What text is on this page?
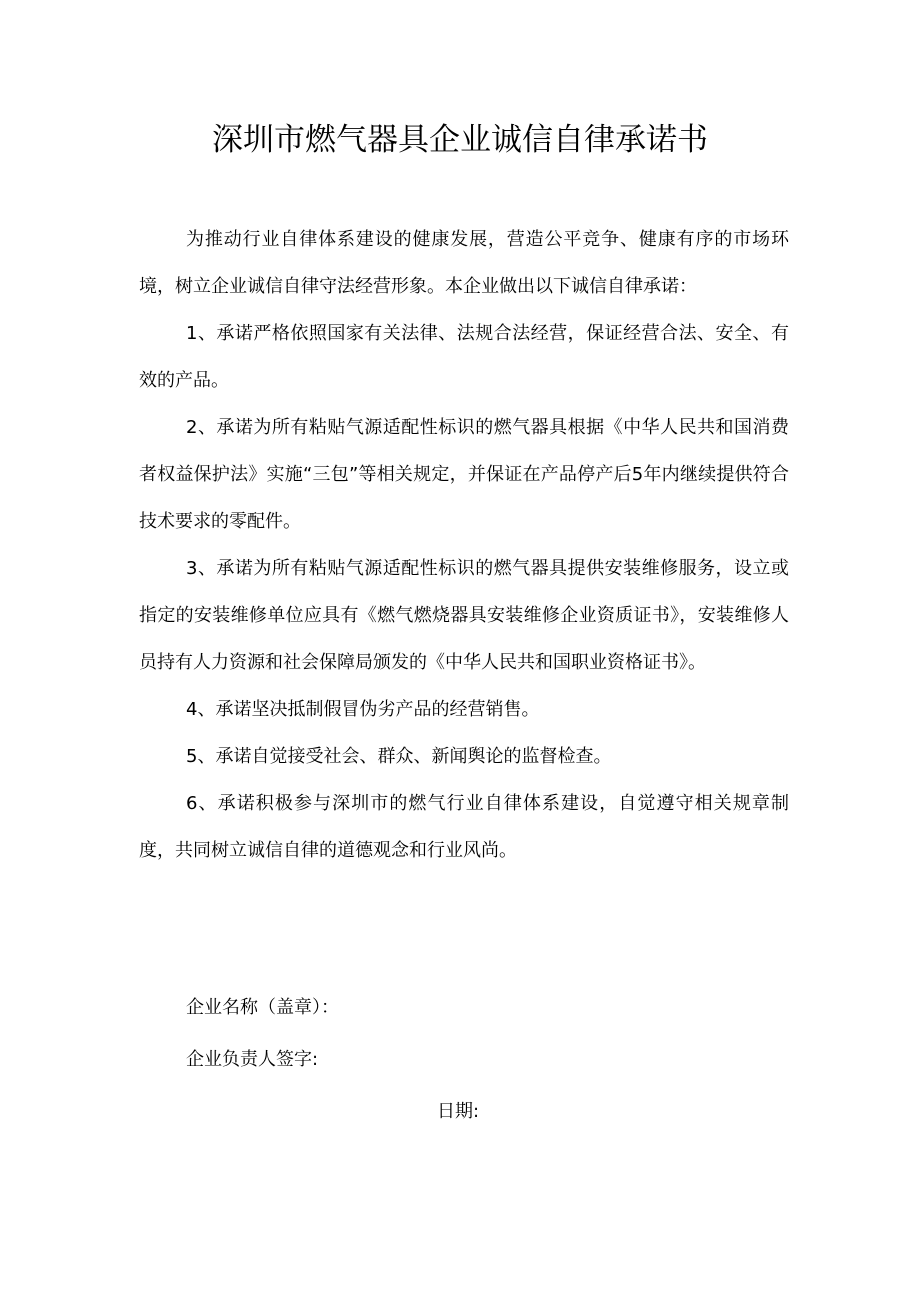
深圳市燃气器具企业诚信自律承诺书

为推动行业自律体系建设的健康发展，营造公平竞争、健康有序的市场环境，树立企业诚信自律守法经营形象。本企业做出以下诚信自律承诺：

1、承诺严格依照国家有关法律、法规合法经营，保证经营合法、安全、有效的产品。

2、承诺为所有粘贴气源适配性标识的燃气器具根据《中华人民共和国消费者权益保护法》实施“三包”等相关规定，并保证在产品停产后5年内继续提供符合技术要求的零配件。

3、承诺为所有粘贴气源适配性标识的燃气器具提供安装维修服务，设立或指定的安装维修单位应具有《燃气燃烧器具安装维修企业资质证书》，安装维修人员持有人力资源和社会保障局颁发的《中华人民共和国职业资格证书》。

4、承诺坚决抵制假冒伪劣产品的经营销售。

5、承诺自觉接受社会、群众、新闻舆论的监督检查。

6、承诺积极参与深圳市的燃气行业自律体系建设，自觉遵守相关规章制度，共同树立诚信自律的道德观念和行业风尚。

企业名称（盖章）：
企业负责人签字:
日期:
